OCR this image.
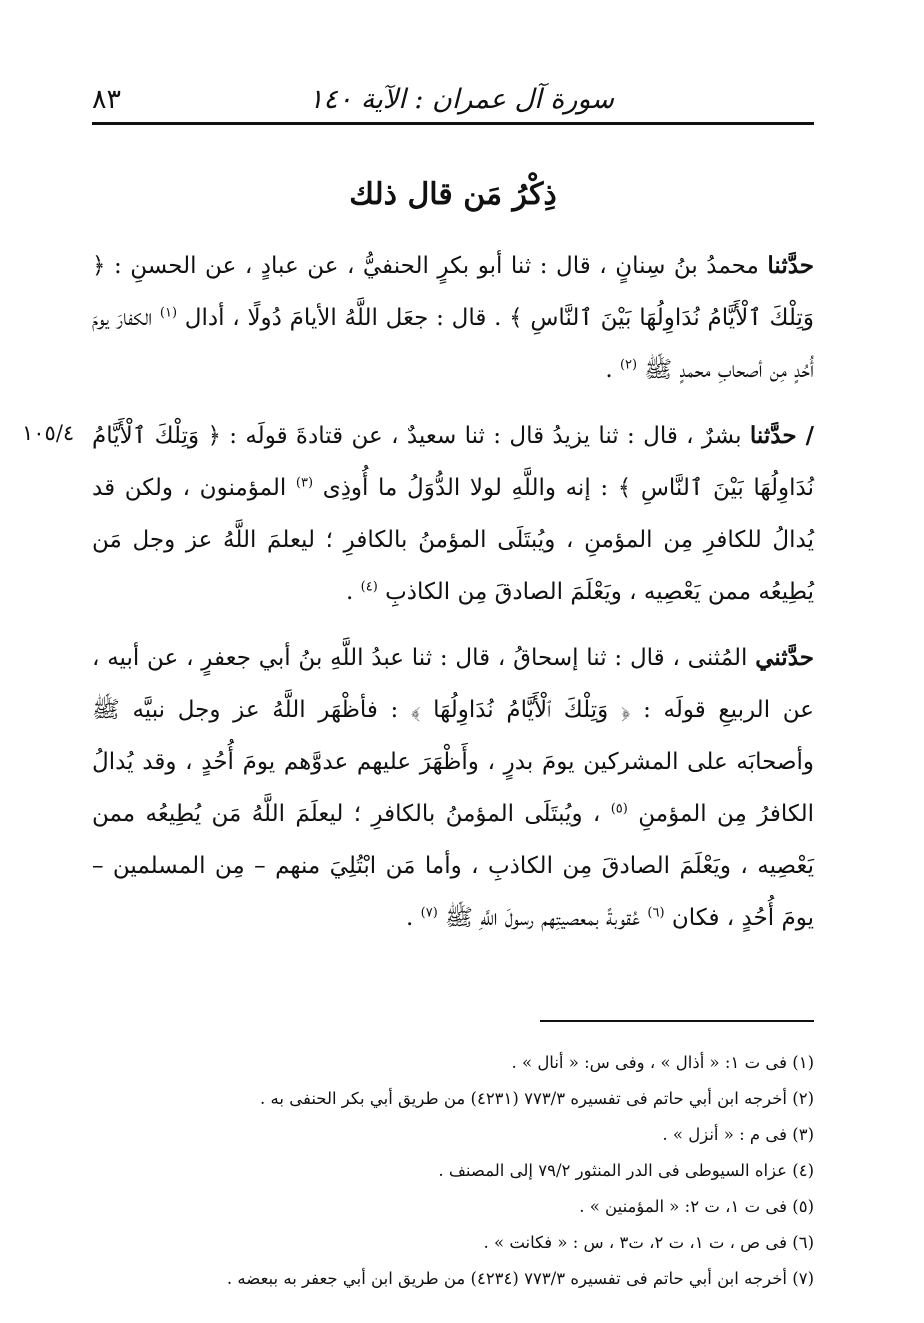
سورة آل عمران : الآية ١٤٠
٨٣
ذِكْرُ مَن قال ذلك
١٠٥/٤

حدَّثنا محمدُ بنُ سِنانٍ ، قال : ثنا أبو بكرٍ الحنفيُّ ، عن عبادٍ ، عن الحسنِ : ﴿ وَتِلْكَ ٱلْأَيَّامُ نُدَاوِلُهَا بَيْنَ ٱلنَّاسِ ﴾ . قال : جعَل اللَّهُ الأيامَ دُولًا ، أدال $^{(١)}$ الكفارَ يومَ أُحُدٍ مِن أصحابِ محمدٍ ﷺ $^{(٢)}$ .

/ حدَّثنا بشرٌ ، قال : ثنا يزيدُ قال : ثنا سعيدٌ ، عن قتادةَ قولَه : ﴿ وَتِلْكَ ٱلْأَيَّامُ نُدَاوِلُهَا بَيْنَ ٱلنَّاسِ ﴾ : إنه واللَّهِ لولا الدُّوَلُ ما أُوذِى $^{(٣)}$ المؤمنون ، ولكن قد يُدالُ للكافرِ مِن المؤمنِ ، ويُبتَلَى المؤمنُ بالكافرِ ؛ ليعلمَ اللَّهُ عز وجل مَن يُطِيعُه ممن يَعْصِيه ، ويَعْلَمَ الصادقَ مِن الكاذبِ $^{(٤)}$ .

حدَّثني المُثنى ، قال : ثنا إسحاقُ ، قال : ثنا عبدُ اللَّهِ بنُ أبي جعفرٍ ، عن أبيه ، عن الربيعِ قولَه : ﴿ وَتِلْكَ ٱلْأَيَّامُ نُدَاوِلُهَا ﴾ : فأظْهَر اللَّهُ عز وجل نبيَّه ﷺ وأصحابَه على المشركين يومَ بدرٍ ، وأَظْهَرَ عليهم عدوَّهم يومَ أُحُدٍ ، وقد يُدالُ الكافرُ مِن المؤمنِ $^{(٥)}$ ، ويُبتَلَى المؤمنُ بالكافرِ ؛ ليعلَمَ اللَّهُ مَن يُطِيعُه ممن يَعْصِيه ، ويَعْلَمَ الصادقَ مِن الكاذبِ ، وأما مَن ابْتُلِيَ منهم – مِن المسلمين – يومَ أُحُدٍ ، فكان $^{(٦)}$ عُقوبةً بمعصيتِهم رسولَ اللَّهِ ﷺ $^{(٧)}$ .

(١) فى ت ١: « أذال » ، وفى س: « أنال » .
(٢) أخرجه ابن أبي حاتم فى تفسيره ٧٧٣/٣ (٤٢٣١) من طريق أبي بكر الحنفى به .
(٣) فى م : « أنزل » .
(٤) عزاه السيوطى فى الدر المنثور ٧٩/٢ إلى المصنف .
(٥) فى ت ١، ت ٢: « المؤمنين » .
(٦) فى ص ، ت ١، ت ٢، ت٣ ، س : « فكانت » .
(٧) أخرجه ابن أبي حاتم فى تفسيره ٧٧٣/٣ (٤٢٣٤) من طريق ابن أبي جعفر به ببعضه .
